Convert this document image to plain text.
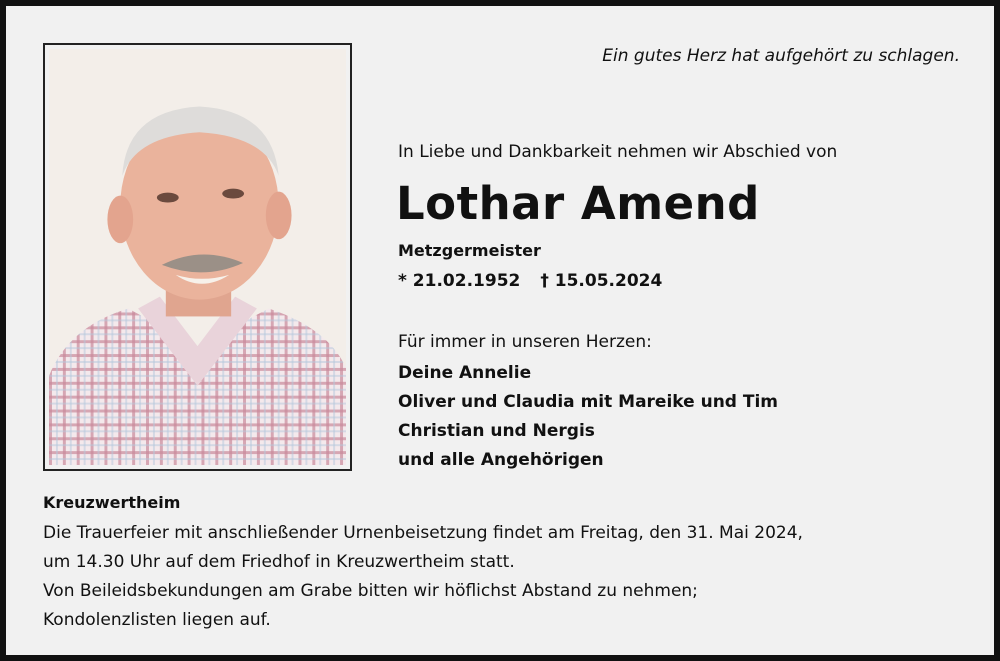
Ein gutes Herz hat aufgehört zu schlagen.
In Liebe und Dankbarkeit nehmen wir Abschied von
Lothar Amend
Metzgermeister
* 21.02.1952 † 15.05.2024
Für immer in unseren Herzen:
Deine Annelie
Oliver und Claudia mit Mareike und Tim
Christian und Nergis
und alle Angehörigen
Kreuzwertheim
Die Trauerfeier mit anschließender Urnenbeisetzung findet am Freitag, den 31. Mai 2024,
um 14.30 Uhr auf dem Friedhof in Kreuzwertheim statt.
Von Beileidsbekundungen am Grabe bitten wir höflichst Abstand zu nehmen;
Kondolenzlisten liegen auf.
